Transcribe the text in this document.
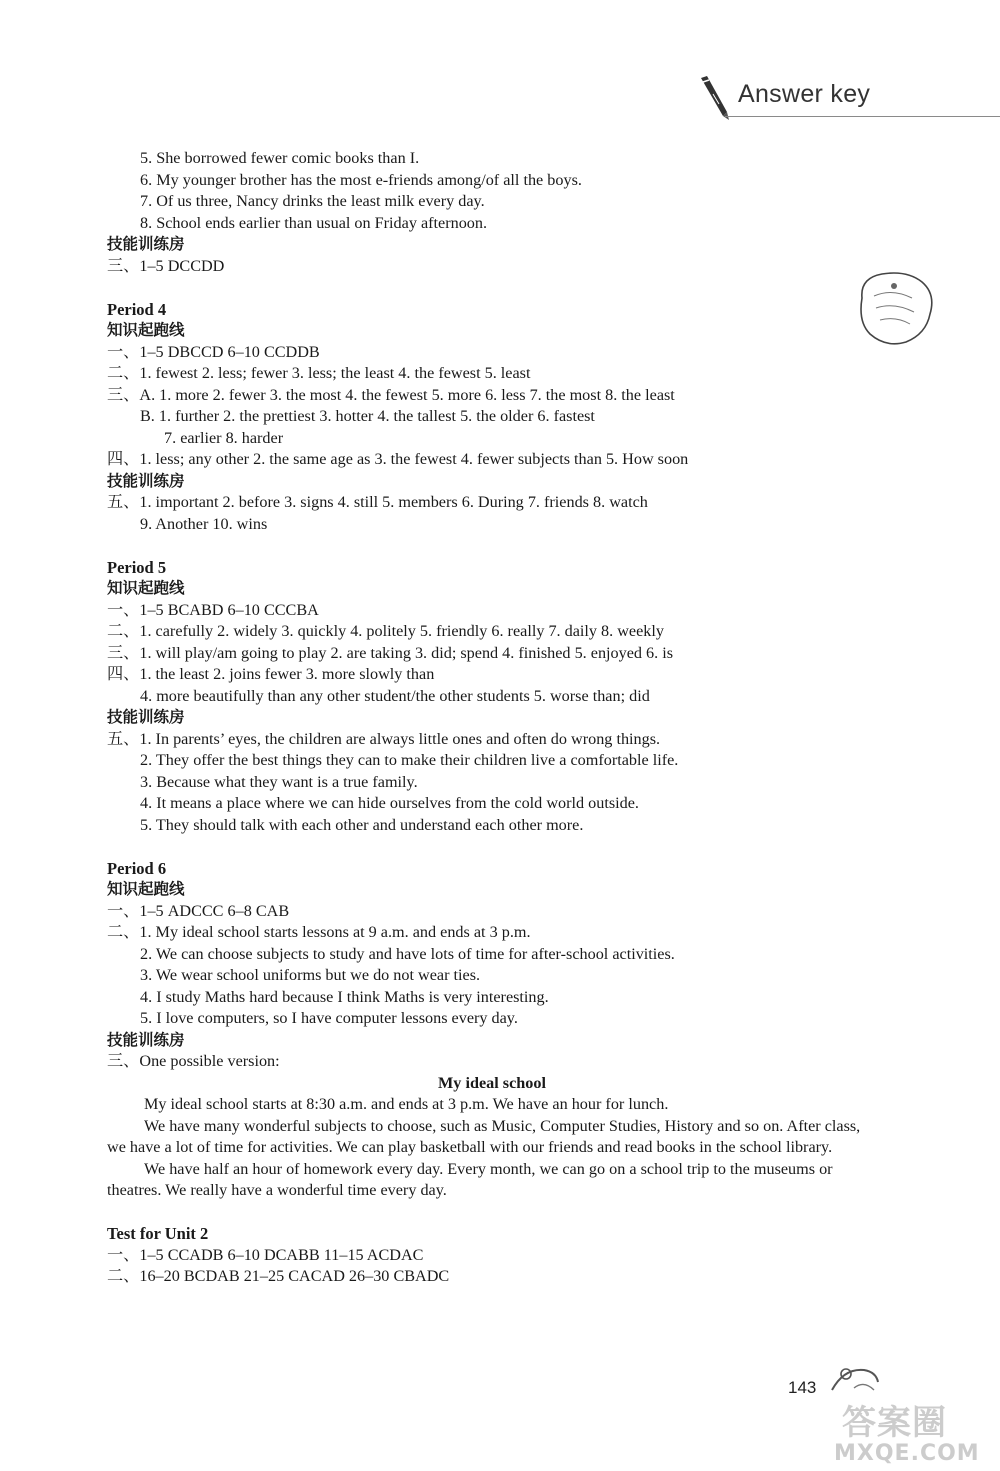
Answer key
5. She borrowed fewer comic books than I.
6. My younger brother has the most e-friends among/of all the boys.
7. Of us three, Nancy drinks the least milk every day.
8. School ends earlier than usual on Friday afternoon.
技能训练房
三、1–5 DCCDD
Period 4
知识起跑线
一、1–5 DBCCD 6–10 CCDDB
二、1. fewest 2. less; fewer 3. less; the least 4. the fewest 5. least
三、A. 1. more 2. fewer 3. the most 4. the fewest 5. more 6. less 7. the most 8. the least
B. 1. further 2. the prettiest 3. hotter 4. the tallest 5. the older 6. fastest
7. earlier 8. harder
四、1. less; any other 2. the same age as 3. the fewest 4. fewer subjects than 5. How soon
技能训练房
五、1. important 2. before 3. signs 4. still 5. members 6. During 7. friends 8. watch
9. Another 10. wins
Period 5
知识起跑线
一、1–5 BCABD 6–10 CCCBA
二、1. carefully 2. widely 3. quickly 4. politely 5. friendly 6. really 7. daily 8. weekly
三、1. will play/am going to play 2. are taking 3. did; spend 4. finished 5. enjoyed 6. is
四、1. the least 2. joins fewer 3. more slowly than
4. more beautifully than any other student/the other students 5. worse than; did
技能训练房
五、1. In parents’ eyes, the children are always little ones and often do wrong things.
2. They offer the best things they can to make their children live a comfortable life.
3. Because what they want is a true family.
4. It means a place where we can hide ourselves from the cold world outside.
5. They should talk with each other and understand each other more.
Period 6
知识起跑线
一、1–5 ADCCC 6–8 CAB
二、1. My ideal school starts lessons at 9 a.m. and ends at 3 p.m.
2. We can choose subjects to study and have lots of time for after-school activities.
3. We wear school uniforms but we do not wear ties.
4. I study Maths hard because I think Maths is very interesting.
5. I love computers, so I have computer lessons every day.
技能训练房
三、One possible version:
My ideal school
My ideal school starts at 8:30 a.m. and ends at 3 p.m. We have an hour for lunch.
We have many wonderful subjects to choose, such as Music, Computer Studies, History and so on. After class, we have a lot of time for activities. We can play basketball with our friends and read books in the school library.
We have half an hour of homework every day. Every month, we can go on a school trip to the museums or theatres. We really have a wonderful time every day.
Test for Unit 2
一、1–5 CCADB 6–10 DCABB 11–15 ACDAC
二、16–20 BCDAB 21–25 CACAD 26–30 CBADC
143
答案圈
MXQE.COM
